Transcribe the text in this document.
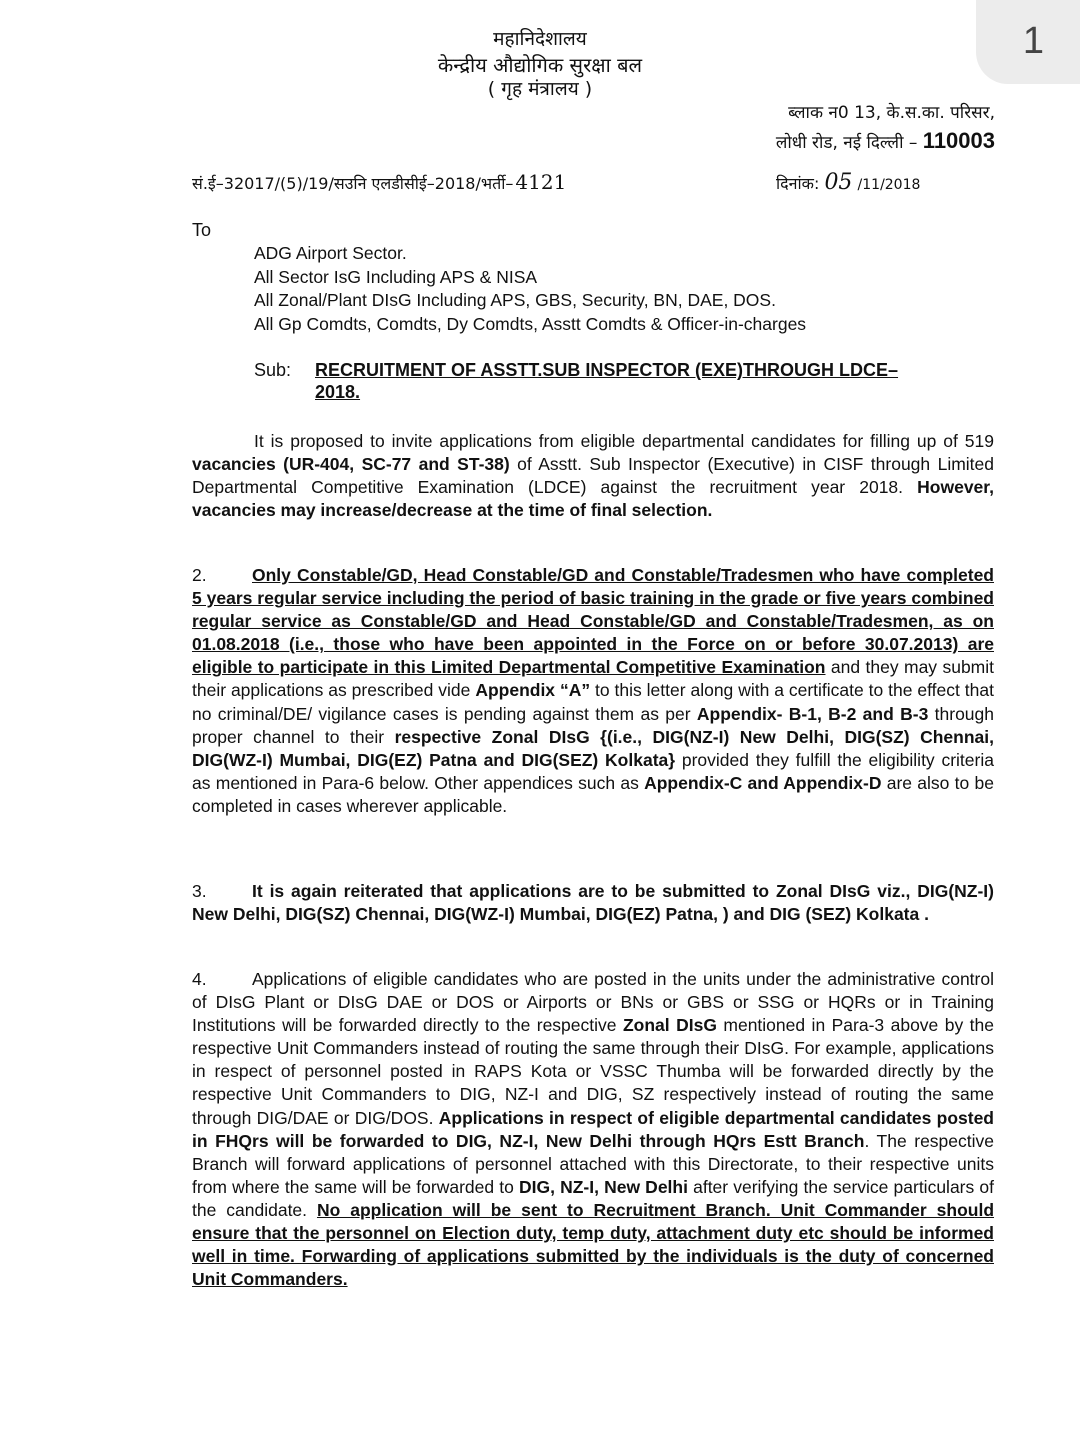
1
महानिदेशालय
केन्द्रीय औद्योगिक सुरक्षा बल
( गृह मंत्रालय )
ब्लाक न0 13, के.स.का. परिसर,
लोधी रोड, नई दिल्ली – 110003
सं.ई–32017/(5)/19/सउनि एलडीसीई–2018/भर्ती– 4121	दिनांक: 05 /11/2018
To
ADG Airport Sector.
All Sector IsG Including APS & NISA
All Zonal/Plant DIsG Including APS, GBS, Security, BN, DAE, DOS.
All Gp Comdts, Comdts, Dy Comdts, Asstt Comdts & Officer-in-charges
Sub: RECRUITMENT OF ASSTT.SUB INSPECTOR (EXE)THROUGH LDCE–2018.

It is proposed to invite applications from eligible departmental candidates for filling up of 519 vacancies (UR-404, SC-77 and ST-38) of Asstt. Sub Inspector (Executive) in CISF through Limited Departmental Competitive Examination (LDCE) against the recruitment year 2018. However, vacancies may increase/decrease at the time of final selection.

2.	Only Constable/GD, Head Constable/GD and Constable/Tradesmen who have completed 5 years regular service including the period of basic training in the grade or five years combined regular service as Constable/GD and Head Constable/GD and Constable/Tradesmen, as on 01.08.2018 (i.e., those who have been appointed in the Force on or before 30.07.2013) are eligible to participate in this Limited Departmental Competitive Examination and they may submit their applications as prescribed vide Appendix “A” to this letter along with a certificate to the effect that no criminal/DE/ vigilance cases is pending against them as per Appendix- B-1, B-2 and B-3 through proper channel to their respective Zonal DIsG {(i.e., DIG(NZ-I) New Delhi, DIG(SZ) Chennai, DIG(WZ-I) Mumbai, DIG(EZ) Patna and DIG(SEZ) Kolkata} provided they fulfill the eligibility criteria as mentioned in Para-6 below. Other appendices such as Appendix-C and Appendix-D are also to be completed in cases wherever applicable.

3.	It is again reiterated that applications are to be submitted to Zonal DIsG viz., DIG(NZ-I) New Delhi, DIG(SZ) Chennai, DIG(WZ-I) Mumbai, DIG(EZ) Patna, ) and DIG (SEZ) Kolkata .

4.	Applications of eligible candidates who are posted in the units under the administrative control of DIsG Plant or DIsG DAE or DOS or Airports or BNs or GBS or SSG or HQRs or in Training Institutions will be forwarded directly to the respective Zonal DIsG mentioned in Para-3 above by the respective Unit Commanders instead of routing the same through their DIsG. For example, applications in respect of personnel posted in RAPS Kota or VSSC Thumba will be forwarded directly by the respective Unit Commanders to DIG, NZ-I and DIG, SZ respectively instead of routing the same through DIG/DAE or DIG/DOS. Applications in respect of eligible departmental candidates posted in FHQrs will be forwarded to DIG, NZ-I, New Delhi through HQrs Estt Branch. The respective Branch will forward applications of personnel attached with this Directorate, to their respective units from where the same will be forwarded to DIG, NZ-I, New Delhi after verifying the service particulars of the candidate. No application will be sent to Recruitment Branch. Unit Commander should ensure that the personnel on Election duty, temp duty, attachment duty etc should be informed well in time. Forwarding of applications submitted by the individuals is the duty of concerned Unit Commanders.
